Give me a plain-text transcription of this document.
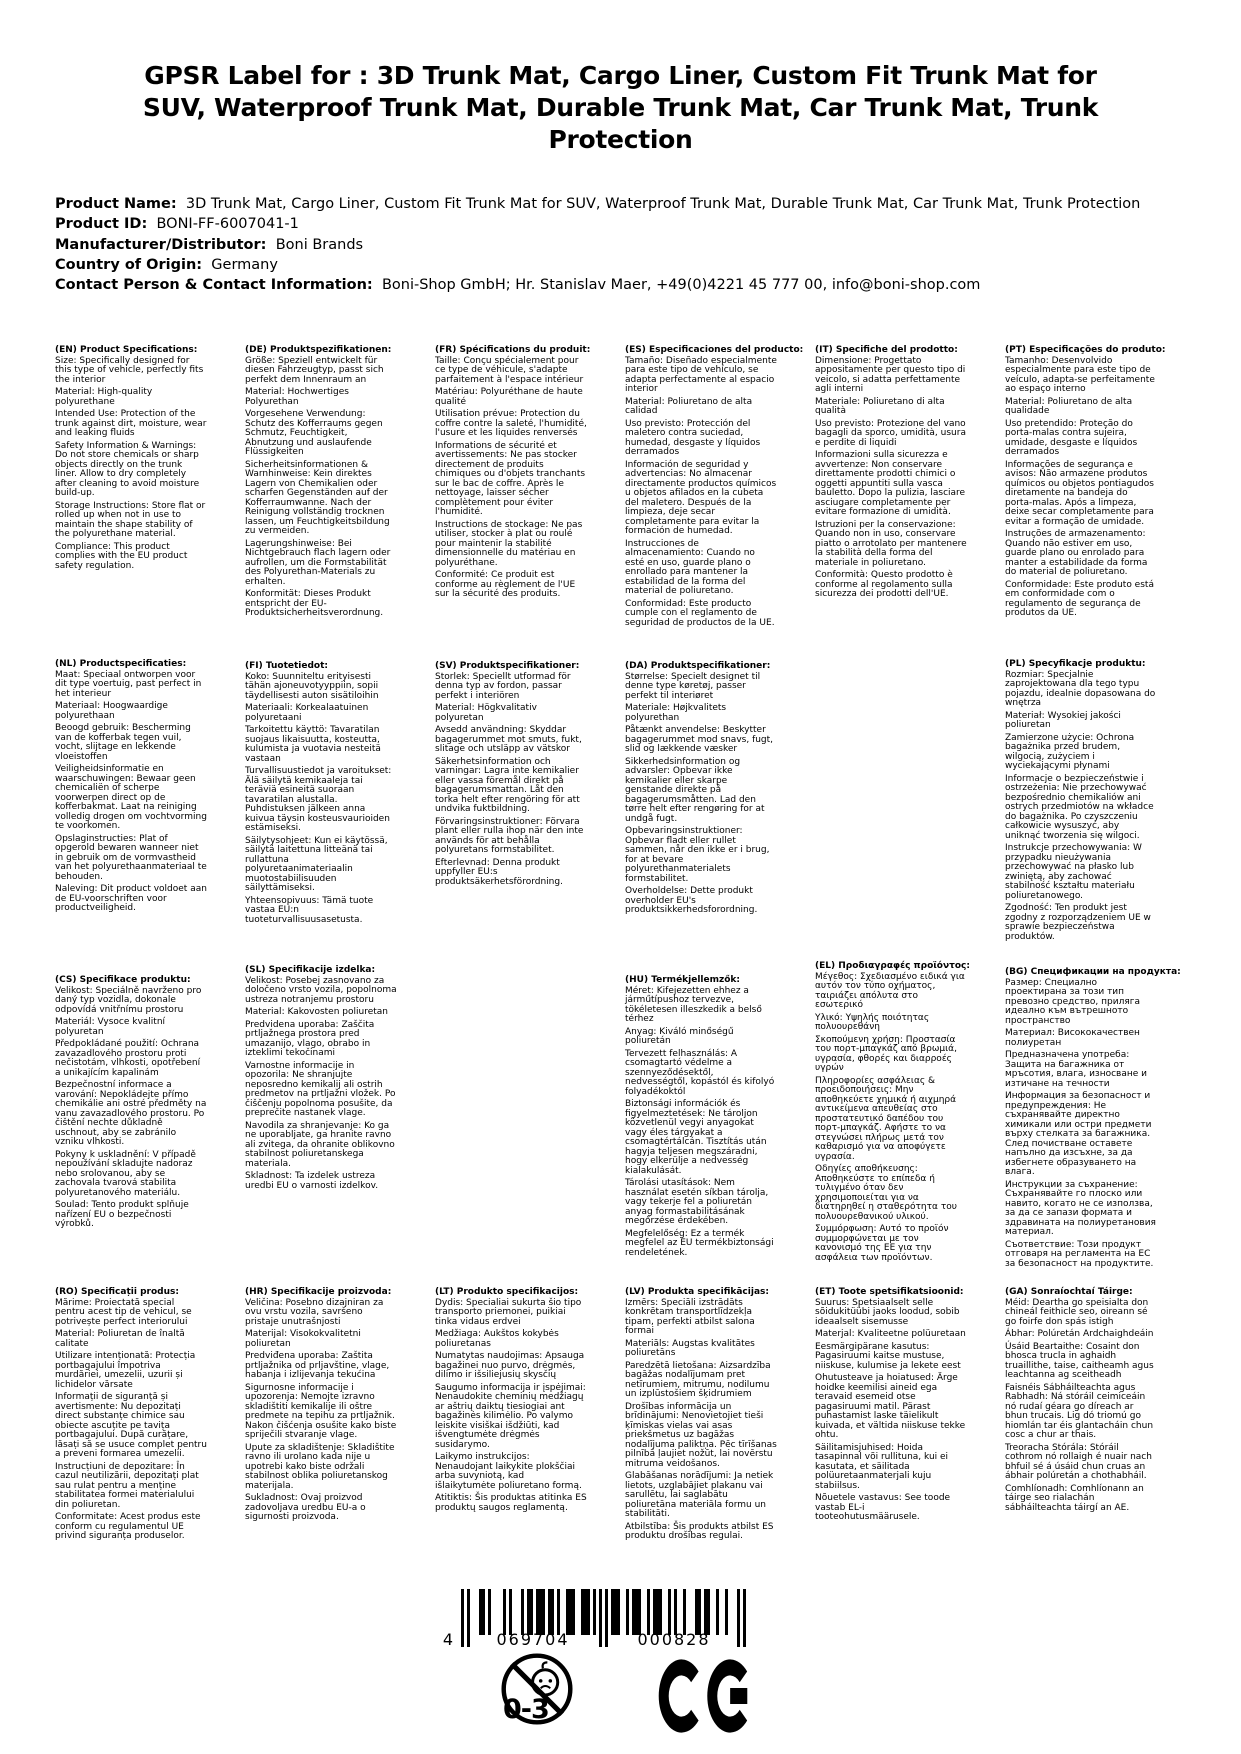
GPSR Label for : 3D Trunk Mat, Cargo Liner, Custom Fit Trunk Mat for SUV, Waterproof Trunk Mat, Durable Trunk Mat, Car Trunk Mat, Trunk Protection
Product Name: 3D Trunk Mat, Cargo Liner, Custom Fit Trunk Mat for SUV, Waterproof Trunk Mat, Durable Trunk Mat, Car Trunk Mat, Trunk Protection
Product ID: BONI-FF-6007041-1
Manufacturer/Distributor: Boni Brands
Country of Origin: Germany
Contact Person & Contact Information: Boni-Shop GmbH; Hr. Stanislav Maer, +49(0)4221 45 777 00, info@boni-shop.com
(EN) Product Specifications:

Size: Specifically designed for this type of vehicle, perfectly fits the interior

Material: High-quality polyurethane

Intended Use: Protection of the trunk against dirt, moisture, wear and leaking fluids

Safety Information & Warnings: Do not store chemicals or sharp objects directly on the trunk liner. Allow to dry completely after cleaning to avoid moisture build-up.

Storage Instructions: Store flat or rolled up when not in use to maintain the shape stability of the polyurethane material.

Compliance: This product complies with the EU product safety regulation.

(DE) Produktspezifikationen:

Größe: Speziell entwickelt für diesen Fahrzeugtyp, passt sich perfekt dem Innenraum an

Material: Hochwertiges Polyurethan

Vorgesehene Verwendung: Schutz des Kofferraums gegen Schmutz, Feuchtigkeit, Abnutzung und auslaufende Flüssigkeiten

Sicherheitsinformationen & Warnhinweise: Kein direktes Lagern von Chemikalien oder scharfen Gegenständen auf der Kofferraumwanne. Nach der Reinigung vollständig trocknen lassen, um Feuchtigkeitsbildung zu vermeiden.

Lagerungshinweise: Bei Nichtgebrauch flach lagern oder aufrollen, um die Formstabilität des Polyurethan-Materials zu erhalten.

Konformität: Dieses Produkt entspricht der EU-Produktsicherheitsverordnung.

(FR) Spécifications du produit:

Taille: Conçu spécialement pour ce type de véhicule, s'adapte parfaitement à l'espace intérieur

Matériau: Polyuréthane de haute qualité

Utilisation prévue: Protection du coffre contre la saleté, l'humidité, l'usure et les liquides renversés

Informations de sécurité et avertissements: Ne pas stocker directement de produits chimiques ou d'objets tranchants sur le bac de coffre. Après le nettoyage, laisser sécher complètement pour éviter l'humidité.

Instructions de stockage: Ne pas utiliser, stocker à plat ou roulé pour maintenir la stabilité dimensionnelle du matériau en polyuréthane.

Conformité: Ce produit est conforme au règlement de l'UE sur la sécurité des produits.

(ES) Especificaciones del producto:

Tamaño: Diseñado especialmente para este tipo de vehículo, se adapta perfectamente al espacio interior

Material: Poliuretano de alta calidad

Uso previsto: Protección del maletero contra suciedad, humedad, desgaste y líquidos derramados

Información de seguridad y advertencias: No almacenar directamente productos químicos u objetos afilados en la cubeta del maletero. Después de la limpieza, deje secar completamente para evitar la formación de humedad.

Instrucciones de almacenamiento: Cuando no esté en uso, guarde plano o enrollado para mantener la estabilidad de la forma del material de poliuretano.

Conformidad: Este producto cumple con el reglamento de seguridad de productos de la UE.

(IT) Specifiche del prodotto:

Dimensione: Progettato appositamente per questo tipo di veicolo, si adatta perfettamente agli interni

Materiale: Poliuretano di alta qualità

Uso previsto: Protezione del vano bagagli da sporco, umidità, usura e perdite di liquidi

Informazioni sulla sicurezza e avvertenze: Non conservare direttamente prodotti chimici o oggetti appuntiti sulla vasca bauletto. Dopo la pulizia, lasciare asciugare completamente per evitare formazione di umidità.

Istruzioni per la conservazione: Quando non in uso, conservare piatto o arrotolato per mantenere la stabilità della forma del materiale in poliuretano.

Conformità: Questo prodotto è conforme al regolamento sulla sicurezza dei prodotti dell'UE.

(PT) Especificações do produto:

Tamanho: Desenvolvido especialmente para este tipo de veículo, adapta-se perfeitamente ao espaço interno

Material: Poliuretano de alta qualidade

Uso pretendido: Proteção do porta-malas contra sujeira, umidade, desgaste e líquidos derramados

Informações de segurança e avisos: Não armazene produtos químicos ou objetos pontiagudos diretamente na bandeja do porta-malas. Após a limpeza, deixe secar completamente para evitar a formação de umidade.

Instruções de armazenamento: Quando não estiver em uso, guarde plano ou enrolado para manter a estabilidade da forma do material de poliuretano.

Conformidade: Este produto está em conformidade com o regulamento de segurança de produtos da UE.

(NL) Productspecificaties:

Maat: Speciaal ontworpen voor dit type voertuig, past perfect in het interieur

Materiaal: Hoogwaardige polyurethaan

Beoogd gebruik: Bescherming van de kofferbak tegen vuil, vocht, slijtage en lekkende vloeistoffen

Veiligheidsinformatie en waarschuwingen: Bewaar geen chemicaliën of scherpe voorwerpen direct op de kofferbakmat. Laat na reiniging volledig drogen om vochtvorming te voorkomen.

Opslaginstructies: Plat of opgerold bewaren wanneer niet in gebruik om de vormvastheid van het polyurethaanmateriaal te behouden.

Naleving: Dit product voldoet aan de EU-voorschriften voor productveiligheid.

(FI) Tuotetiedot:

Koko: Suunniteltu erityisesti tähän ajoneuvotyyppiin, sopii täydellisesti auton sisätiloihin

Materiaali: Korkealaatuinen polyuretaani

Tarkoitettu käyttö: Tavaratilan suojaus likaisuutta, kosteutta, kulumista ja vuotavia nesteitä vastaan

Turvallisuustiedot ja varoitukset: Älä säilytä kemikaaleja tai teräviä esineitä suoraan tavaratilan alustalla. Puhdistuksen jälkeen anna kuivua täysin kosteusvaurioiden estämiseksi.

Säilytysohjeet: Kun ei käytössä, säilytä laitettuna litteänä tai rullattuna polyuretaanimateriaalin muotostabiilisuuden säilyttämiseksi.

Yhteensopivuus: Tämä tuote vastaa EU:n tuoteturvallisuusasetusta.

(SV) Produktspecifikationer:

Storlek: Speciellt utformad för denna typ av fordon, passar perfekt i interiören

Material: Högkvalitativ polyuretan

Avsedd användning: Skyddar bagagerummet mot smuts, fukt, slitage och utsläpp av vätskor

Säkerhetsinformation och varningar: Lagra inte kemikalier eller vassa föremål direkt på bagagerumsmattan. Låt den torka helt efter rengöring för att undvika fuktbildning.

Förvaringsinstruktioner: Förvara plant eller rulla ihop när den inte används för att behålla polyuretans formstabilitet.

Efterlevnad: Denna produkt uppfyller EU:s produktsäkerhetsförordning.

(DA) Produktspecifikationer:

Størrelse: Specielt designet til denne type køretøj, passer perfekt til interiøret

Materiale: Højkvalitets polyurethan

Påtænkt anvendelse: Beskytter bagagerummet mod snavs, fugt, slid og lækkende væsker

Sikkerhedsinformation og advarsler: Opbevar ikke kemikalier eller skarpe genstande direkte på bagagerumsmåtten. Lad den tørre helt efter rengøring for at undgå fugt.

Opbevaringsinstruktioner: Opbevar fladt eller rullet sammen, når den ikke er i brug, for at bevare polyurethanmaterialets formstabilitet.

Overholdelse: Dette produkt overholder EU's produktsikkerhedsforordning.

(PL) Specyfikacje produktu:

Rozmiar: Specjalnie zaprojektowana dla tego typu pojazdu, idealnie dopasowana do wnętrza

Materiał: Wysokiej jakości poliuretan

Zamierzone użycie: Ochrona bagażnika przed brudem, wilgocią, zużyciem i wyciekającymi płynami

Informacje o bezpieczeństwie i ostrzeżenia: Nie przechowywać bezpośrednio chemikaliów ani ostrych przedmiotów na wkładce do bagażnika. Po czyszczeniu całkowicie wysuszyć, aby uniknąć tworzenia się wilgoci.

Instrukcje przechowywania: W przypadku nieużywania przechowywać na płasko lub zwiniętą, aby zachować stabilność kształtu materiału poliuretanowego.

Zgodność: Ten produkt jest zgodny z rozporządzeniem UE w sprawie bezpieczeństwa produktów.

(CS) Specifikace produktu:

Velikost: Speciálně navrženo pro daný typ vozidla, dokonale odpovídá vnitřnímu prostoru

Materiál: Vysoce kvalitní polyuretan

Předpokládané použití: Ochrana zavazadlového prostoru proti nečistotám, vlhkosti, opotřebení a unikajícím kapalinám

Bezpečnostní informace a varování: Nepokládejte přímo chemikálie ani ostré předměty na vanu zavazadlového prostoru. Po čištění nechte důkladně uschnout, aby se zabránilo vzniku vlhkosti.

Pokyny k uskladnění: V případě nepoužívání skladujte nadoraz nebo srolovanou, aby se zachovala tvarová stabilita polyuretanového materiálu.

Soulad: Tento produkt splňuje nařízení EU o bezpečnosti výrobků.

(SL) Specifikacije izdelka:

Velikost: Posebej zasnovano za določeno vrsto vozila, popolnoma ustreza notranjemu prostoru

Material: Kakovosten poliuretan

Predvidena uporaba: Zaščita prtljažnega prostora pred umazanijo, vlago, obrabo in izteklimi tekočinami

Varnostne informacije in opozorila: Ne shranjujte neposredno kemikalij ali ostrih predmetov na prtljažni vložek. Po čiščenju popolnoma posušite, da preprečite nastanek vlage.

Navodila za shranjevanje: Ko ga ne uporabljate, ga hranite ravno ali zvitega, da ohranite oblikovno stabilnost poliuretanskega materiala.

Skladnost: Ta izdelek ustreza uredbi EU o varnosti izdelkov.

(HU) Termékjellemzők:

Méret: Kifejezetten ehhez a járműtípushoz tervezve, tökéletesen illeszkedik a belső térhez

Anyag: Kiváló minőségű poliuretán

Tervezett felhasználás: A csomagtartó védelme a szennyeződésektől, nedvességtől, kopástól és kifolyó folyadékoktól

Biztonsági információk és figyelmeztetések: Ne tároljon közvetlenül vegyi anyagokat vagy éles tárgyakat a csomagtértálcán. Tisztítás után hagyja teljesen megszáradni, hogy elkerülje a nedvesség kialakulását.

Tárolási utasítások: Nem használat esetén síkban tárolja, vagy tekerje fel a poliuretán anyag formastabilitásának megőrzése érdekében.

Megfelelőség: Ez a termék megfelel az EU termékbiztonsági rendeletének.

(EL) Προδιαγραφές προϊόντος:

Μέγεθος: Σχεδιασμένο ειδικά για αυτόν τον τύπο οχήματος, ταιριάζει απόλυτα στο εσωτερικό

Υλικό: Υψηλής ποιότητας πολυουρεθάνη

Σκοπούμενη χρήση: Προστασία του πορτ-μπαγκάζ από βρωμιά, υγρασία, φθορές και διαρροές υγρών

Πληροφορίες ασφάλειας & προειδοποιήσεις: Μην αποθηκεύετε χημικά ή αιχμηρά αντικείμενα απευθείας στο προστατευτικό δαπέδου του πορτ-μπαγκάζ. Αφήστε το να στεγνώσει πλήρως μετά τον καθαρισμό για να αποφύγετε υγρασία.

Οδηγίες αποθήκευσης: Αποθηκεύστε το επίπεδα ή τυλιγμένο όταν δεν χρησιμοποιείται για να διατηρηθεί η σταθερότητα του πολυουρεθανικού υλικού.

Συμμόρφωση: Αυτό το προϊόν συμμορφώνεται με τον κανονισμό της ΕΕ για την ασφάλεια των προϊόντων.

(BG) Спецификации на продукта:

Размер: Специално проектирана за този тип превозно средство, приляга идеално към вътрешното пространство

Материал: Висококачествен полиуретан

Предназначена употреба: Защита на багажника от мръсотия, влага, износване и изтичане на течности

Информация за безопасност и предупреждения: Не съхранявайте директно химикали или остри предмети върху стелката за багажника. След почистване оставете напълно да изсъхне, за да избегнете образуването на влага.

Инструкции за съхранение: Съхранявайте го плоско или навито, когато не се използва, за да се запази формата и здравината на полиуретановия материал.

Съответствие: Този продукт отговаря на регламента на ЕС за безопасност на продуктите.

(RO) Specificații produs:

Mărime: Proiectată special pentru acest tip de vehicul, se potrivește perfect interiorului

Material: Poliuretan de înaltă calitate

Utilizare intenționată: Protecția portbagajului împotriva murdăriei, umezelii, uzurii și lichidelor vărsate

Informații de siguranță și avertismente: Nu depozitați direct substanțe chimice sau obiecte ascuțite pe tavița portbagajului. După curățare, lăsați să se usuce complet pentru a preveni formarea umezelii.

Instrucțiuni de depozitare: În cazul neutilizării, depozitați plat sau rulat pentru a menține stabilitatea formei materialului din poliuretan.

Conformitate: Acest produs este conform cu regulamentul UE privind siguranța produselor.

(HR) Specifikacije proizvoda:

Veličina: Posebno dizajniran za ovu vrstu vozila, savršeno pristaje unutrašnjosti

Materijal: Visokokvalitetni poliuretan

Predviđena uporaba: Zaštita prtljažnika od prljavštine, vlage, habanja i izlijevanja tekućina

Sigurnosne informacije i upozorenja: Nemojte izravno skladištiti kemikalije ili oštre predmete na tepihu za prtljažnik. Nakon čišćenja osušite kako biste spriječili stvaranje vlage.

Upute za skladištenje: Skladištite ravno ili urolano kada nije u upotrebi kako biste održali stabilnost oblika poliuretanskog materijala.

Sukladnost: Ovaj proizvod zadovoljava uredbu EU-a o sigurnosti proizvoda.

(LT) Produkto specifikacijos:

Dydis: Specialiai sukurta šio tipo transporto priemonei, puikiai tinka vidaus erdvei

Medžiaga: Aukštos kokybės poliuretanas

Numatytas naudojimas: Apsauga bagažinei nuo purvo, drėgmės, dilimo ir išsiliejusių skysčių

Saugumo informacija ir įspėjimai: Nenaudokite cheminių medžiagų ar aštrių daiktų tiesiogiai ant bagažinės kilimėlio. Po valymo leiskite visiškai išdžiūti, kad išvengtumėte drėgmės susidarymo.

Laikymo instrukcijos: Nenaudojant laikykite plokščiai arba suvyniotą, kad išlaikytumėte poliuretano formą.

Atitiktis: Šis produktas atitinka ES produktų saugos reglamentą.

(LV) Produkta specifikācijas:

Izmērs: Speciāli izstrādāts konkrētam transportlīdzekļa tipam, perfekti atbilst salona formai

Materiāls: Augstas kvalitātes poliuretāns

Paredzētā lietošana: Aizsardzība bagāžas nodalījumam pret netīrumiem, mitrumu, nodilumu un izplūstošiem šķidrumiem

Drošības informācija un brīdinājumi: Nenovietojiet tieši ķīmiskas vielas vai asas priekšmetus uz bagāžas nodalījuma paliktņa. Pēc tīrīšanas pilnībā ļaujiet nožūt, lai novērstu mitruma veidošanos.

Glabāšanas norādījumi: Ja netiek lietots, uzglabājiet plakanu vai sarullētu, lai saglabātu poliuretāna materiāla formu un stabilitāti.

Atbilstība: Šis produkts atbilst ES produktu drošības regulai.

(ET) Toote spetsifikatsioonid:

Suurus: Spetsiaalselt selle sõidukitüübi jaoks loodud, sobib ideaalselt sisemusse

Materjal: Kvaliteetne polüuretaan

Eesmärgipärane kasutus: Pagasiruumi kaitse mustuse, niiskuse, kulumise ja lekete eest

Ohutusteave ja hoiatused: Ärge hoidke keemilisi aineid ega teravaid esemeid otse pagasiruumi matil. Pärast puhastamist laske täielikult kuivada, et vältida niiskuse tekke ohtu.

Säilitamisjuhised: Hoida tasapinnal või rullituna, kui ei kasutata, et säilitada polüuretaanmaterjali kuju stabiilsus.

Nõuetele vastavus: See toode vastab EL-i tooteohutusmäärusele.

(GA) Sonraíochtaí Táirge:

Méid: Deartha go speisialta don chineál feithicle seo, oireann sé go foirfe don spás istigh

Ábhar: Polúretán Ardchaighdeáin

Úsáid Beartaithe: Cosaint don bhosca trucla in aghaidh truaillithe, taise, caitheamh agus leachtanna ag sceitheadh

Faisnéis Sábháilteachta agus Rabhadh: Ná stóráil ceimiceáin nó rudaí géara go díreach ar bhun trucais. Lig dó triomú go hiomlán tar éis glantacháin chun cosc a chur ar thais.

Treoracha Stórála: Stóráil cothrom nó rollaigh é nuair nach bhfuil sé á úsáid chun cruas an ábhair polúretán a chothabháil.

Comhlíonadh: Comhlíonann an táirge seo rialachán sábháilteachta táirgí an AE.

4	069704	000828
0-3
